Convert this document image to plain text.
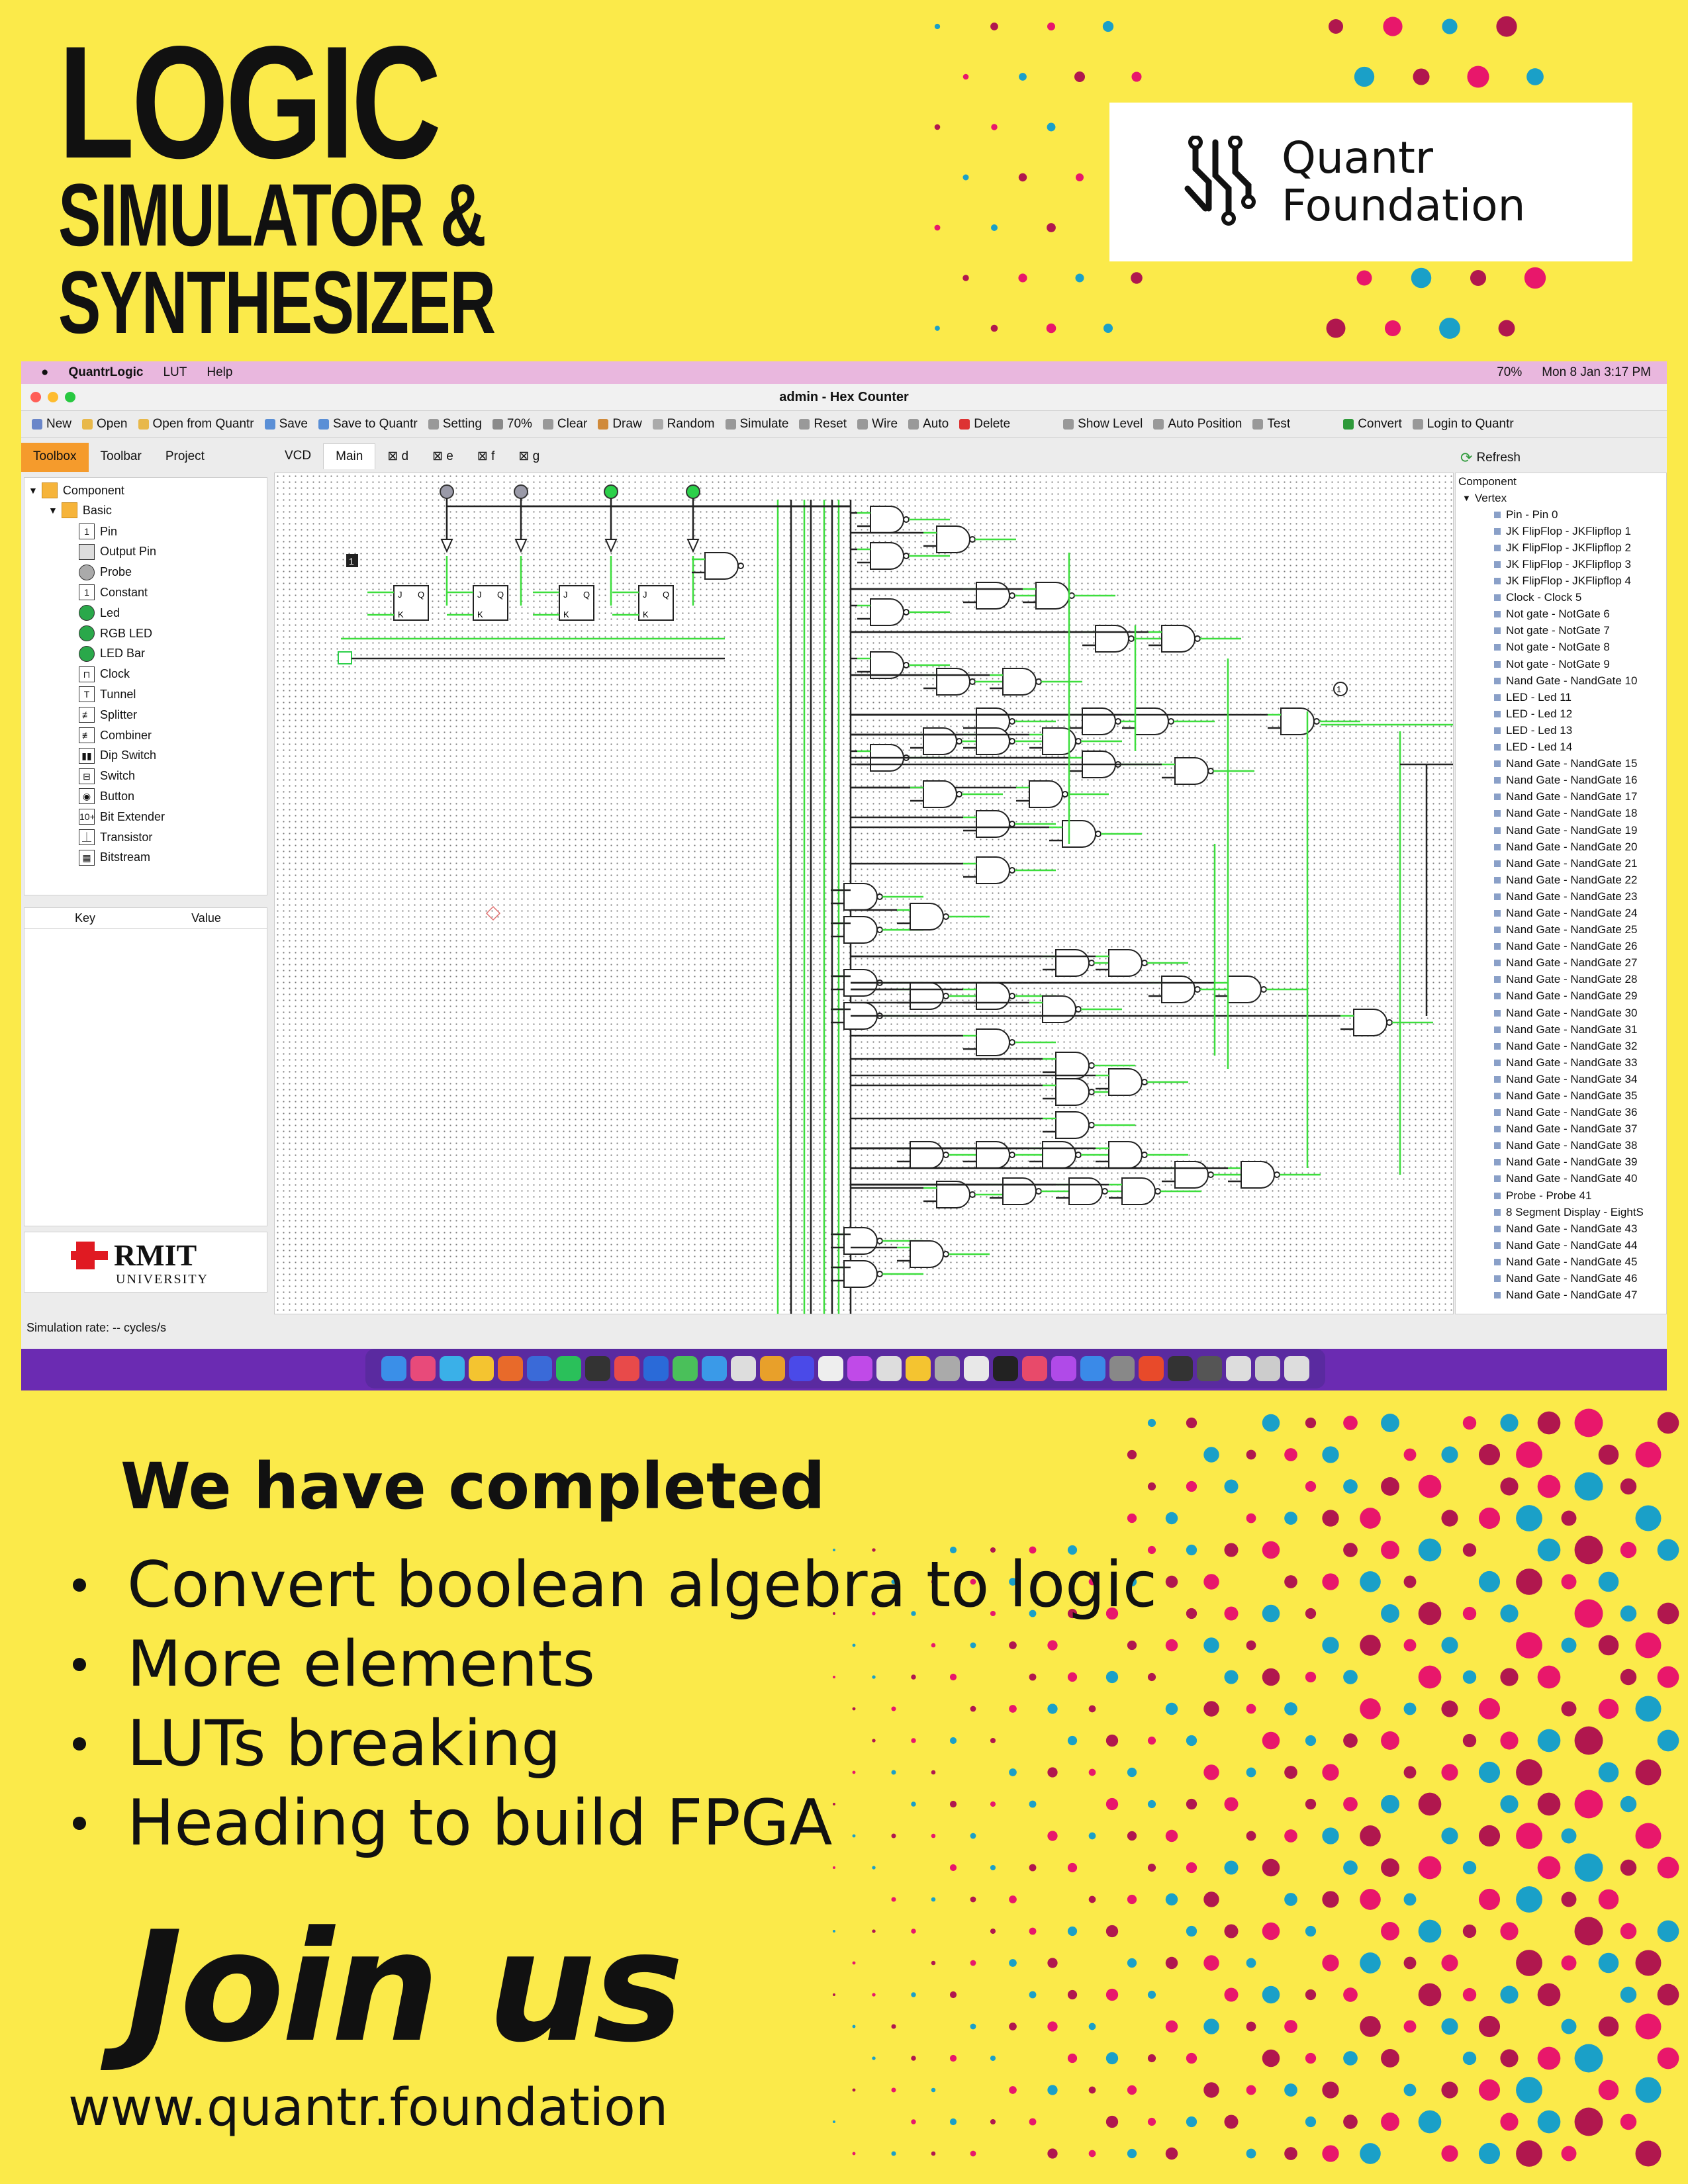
LOGIC
SIMULATOR &
SYNTHESIZER
Quantr
Foundation
● QuantrLogic LUT Help	70% Mon 8 Jan 3:17 PM
admin - Hex Counter
New Open Open from Quantr Save Save to Quantr Setting 70% Clear Draw Random Simulate Reset Wire Auto Delete	Show Level Auto Position Test	Convert Login to Quantr
Toolbox	Toolbar	Project
▼ Component
▼ Basic
1 Pin
Output Pin
Probe
1 Constant
Led
RGB LED
LED Bar
⊓ Clock
T Tunnel
≢ Splitter
≢ Combiner
▮▮ Dip Switch
⊟ Switch
◉ Button
10+ Bit Extender
⏊ Transistor
▦ Bitstream
Key	Value
RMIT
UNIVERSITY
Simulation rate: -- cycles/s
VCD	Main	⊠ d	⊠ e	⊠ f	⊠ g
J Q
K
J Q
K
J Q
K
J Q
K
1
1
⟳ Refresh
Component
▼ Vertex
Pin - Pin 0
JK FlipFlop - JKFlipflop 1
JK FlipFlop - JKFlipflop 2
JK FlipFlop - JKFlipflop 3
JK FlipFlop - JKFlipflop 4
Clock - Clock 5
Not gate - NotGate 6
Not gate - NotGate 7
Not gate - NotGate 8
Not gate - NotGate 9
Nand Gate - NandGate 10
LED - Led 11
LED - Led 12
LED - Led 13
LED - Led 14
Nand Gate - NandGate 15
Nand Gate - NandGate 16
Nand Gate - NandGate 17
Nand Gate - NandGate 18
Nand Gate - NandGate 19
Nand Gate - NandGate 20
Nand Gate - NandGate 21
Nand Gate - NandGate 22
Nand Gate - NandGate 23
Nand Gate - NandGate 24
Nand Gate - NandGate 25
Nand Gate - NandGate 26
Nand Gate - NandGate 27
Nand Gate - NandGate 28
Nand Gate - NandGate 29
Nand Gate - NandGate 30
Nand Gate - NandGate 31
Nand Gate - NandGate 32
Nand Gate - NandGate 33
Nand Gate - NandGate 34
Nand Gate - NandGate 35
Nand Gate - NandGate 36
Nand Gate - NandGate 37
Nand Gate - NandGate 38
Nand Gate - NandGate 39
Nand Gate - NandGate 40
Probe - Probe 41
8 Segment Display - EightS
Nand Gate - NandGate 43
Nand Gate - NandGate 44
Nand Gate - NandGate 45
Nand Gate - NandGate 46
Nand Gate - NandGate 47
We have completed
Convert boolean algebra to logic
More elements
LUTs breaking
Heading to build FPGA
Join us
www.quantr.foundation
